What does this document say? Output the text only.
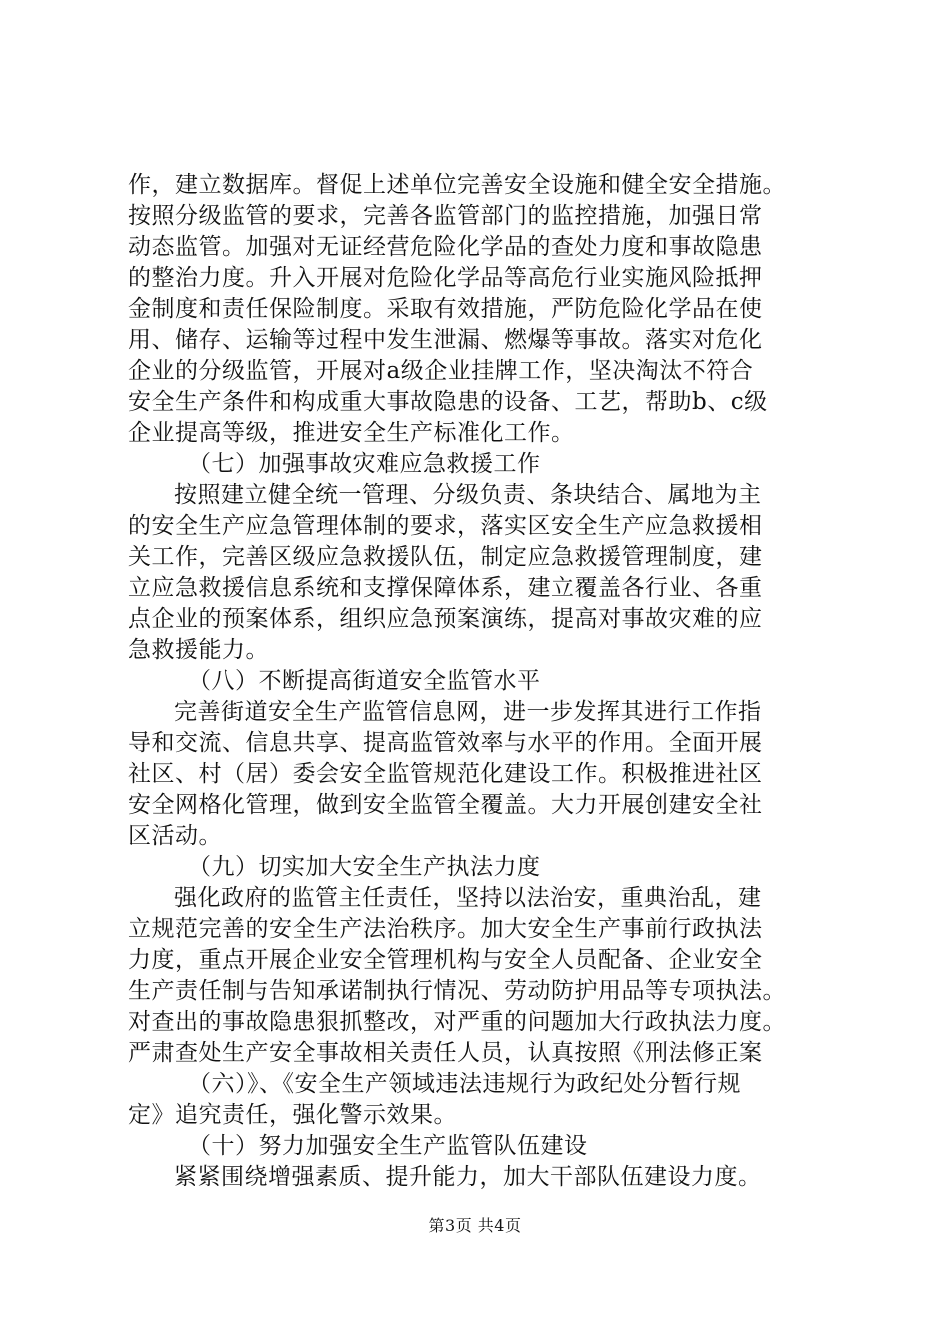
作，建立数据库。督促上述单位完善安全设施和健全安全措施。
按照分级监管的要求，完善各监管部门的监控措施，加强日常
动态监管。加强对无证经营危险化学品的查处力度和事故隐患
的整治力度。升入开展对危险化学品等高危行业实施风险抵押
金制度和责任保险制度。采取有效措施，严防危险化学品在使
用、储存、运输等过程中发生泄漏、燃爆等事故。落实对危化
企业的分级监管，开展对a级企业挂牌工作，坚决淘汰不符合
安全生产条件和构成重大事故隐患的设备、工艺，帮助b、c级
企业提高等级，推进安全生产标准化工作。
（七）加强事故灾难应急救援工作
按照建立健全统一管理、分级负责、条块结合、属地为主
的安全生产应急管理体制的要求，落实区安全生产应急救援相
关工作，完善区级应急救援队伍，制定应急救援管理制度，建
立应急救援信息系统和支撑保障体系，建立覆盖各行业、各重
点企业的预案体系，组织应急预案演练，提高对事故灾难的应
急救援能力。
（八）不断提高街道安全监管水平
完善街道安全生产监管信息网，进一步发挥其进行工作指
导和交流、信息共享、提高监管效率与水平的作用。全面开展
社区、村（居）委会安全监管规范化建设工作。积极推进社区
安全网格化管理，做到安全监管全覆盖。大力开展创建安全社
区活动。
（九）切实加大安全生产执法力度
强化政府的监管主任责任，坚持以法治安，重典治乱，建
立规范完善的安全生产法治秩序。加大安全生产事前行政执法
力度，重点开展企业安全管理机构与安全人员配备、企业安全
生产责任制与告知承诺制执行情况、劳动防护用品等专项执法。
对查出的事故隐患狠抓整改，对严重的问题加大行政执法力度。
严肃查处生产安全事故相关责任人员，认真按照《刑法修正案
（六）》、《安全生产领域违法违规行为政纪处分暂行规
定》追究责任，强化警示效果。
（十）努力加强安全生产监管队伍建设
紧紧围绕增强素质、提升能力，加大干部队伍建设力度。
第3页 共4页
